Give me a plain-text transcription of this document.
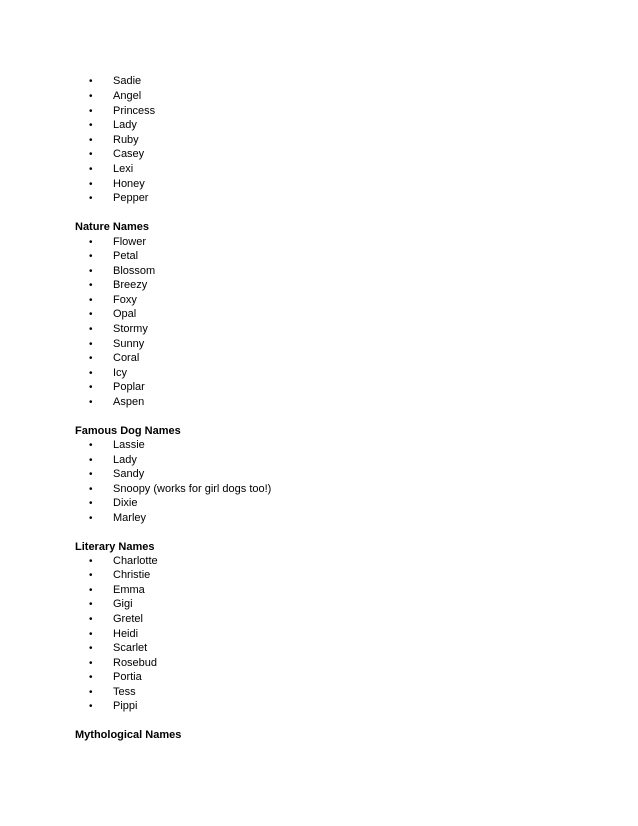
• Sadie
• Angel
• Princess
• Lady
• Ruby
• Casey
• Lexi
• Honey
• Pepper
Nature Names
• Flower
• Petal
• Blossom
• Breezy
• Foxy
• Opal
• Stormy
• Sunny
• Coral
• Icy
• Poplar
• Aspen
Famous Dog Names
• Lassie
• Lady
• Sandy
• Snoopy (works for girl dogs too!)
• Dixie
• Marley
Literary Names
• Charlotte
• Christie
• Emma
• Gigi
• Gretel
• Heidi
• Scarlet
• Rosebud
• Portia
• Tess
• Pippi
Mythological Names
